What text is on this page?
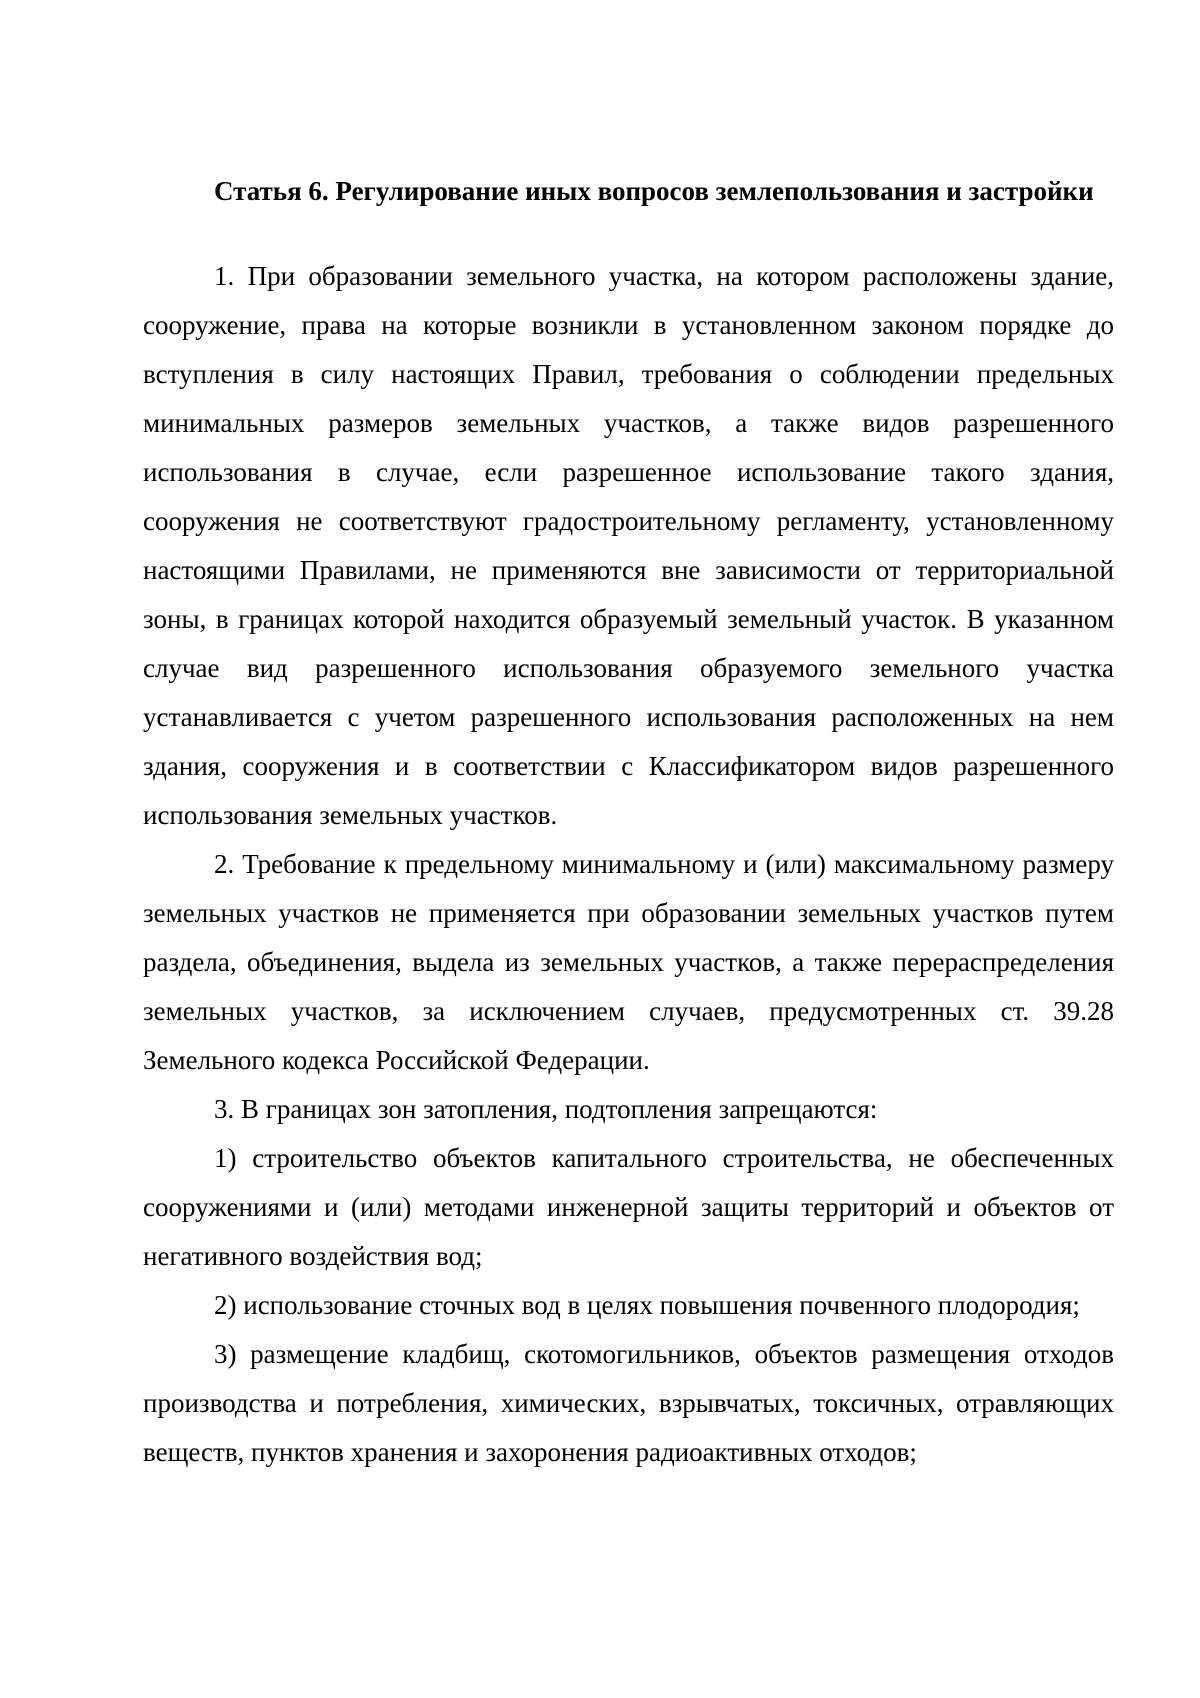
Статья 6. Регулирование иных вопросов землепользования и застройки

1. При образовании земельного участка, на котором расположены здание, сооружение, права на которые возникли в установленном законом порядке до вступления в силу настоящих Правил, требования о соблюдении предельных минимальных размеров земельных участков, а также видов разрешенного использования в случае, если разрешенное использование такого здания, сооружения не соответствуют градостроительному регламенту, установленному настоящими Правилами, не применяются вне зависимости от территориальной зоны, в границах которой находится образуемый земельный участок. В указанном случае вид разрешенного использования образуемого земельного участка устанавливается с учетом разрешенного использования расположенных на нем здания, сооружения и в соответствии с Классификатором видов разрешенного использования земельных участков.

2. Требование к предельному минимальному и (или) максимальному размеру земельных участков не применяется при образовании земельных участков путем раздела, объединения, выдела из земельных участков, а также перераспределения земельных участков, за исключением случаев, предусмотренных ст. 39.28 Земельного кодекса Российской Федерации.

3. В границах зон затопления, подтопления запрещаются:

1) строительство объектов капитального строительства, не обеспеченных сооружениями и (или) методами инженерной защиты территорий и объектов от негативного воздействия вод;

2) использование сточных вод в целях повышения почвенного плодородия;

3) размещение кладбищ, скотомогильников, объектов размещения отходов производства и потребления, химических, взрывчатых, токсичных, отравляющих веществ, пунктов хранения и захоронения радиоактивных отходов;
